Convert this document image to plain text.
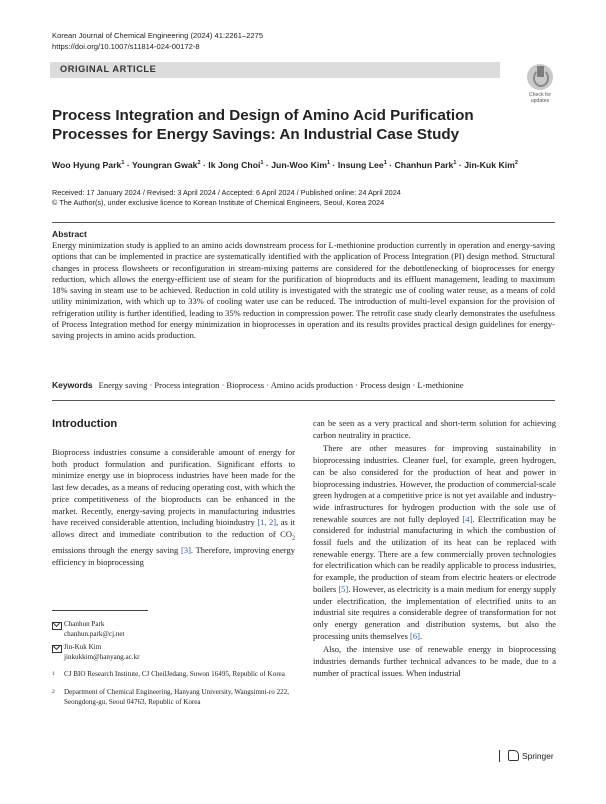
Korean Journal of Chemical Engineering (2024) 41:2261–2275
https://doi.org/10.1007/s11814-024-00172-8
ORIGINAL ARTICLE
Check for updates
Process Integration and Design of Amino Acid Purification Processes for Energy Savings: An Industrial Case Study
Woo Hyung Park$^1$ · Youngran Gwak$^2$ · Ik Jong Choi$^1$ · Jun-Woo Kim$^1$ · Insung Lee$^1$ · Chanhun Park$^1$ · Jin-Kuk Kim$^2$
Received: 17 January 2024 / Revised: 3 April 2024 / Accepted: 6 April 2024 / Published online: 24 April 2024
© The Author(s), under exclusive licence to Korean Institute of Chemical Engineers, Seoul, Korea 2024
Abstract
Energy minimization study is applied to an amino acids downstream process for L-methionine production currently in operation and energy-saving options that can be implemented in practice are systematically identified with the application of Process Integration (PI) design method. Structural changes in process flowsheets or reconfiguration in stream-mixing patterns are considered for the debottlenecking of bioprocesses for energy reduction, which allows the energy-efficient use of steam for the purification of bioproducts and its effluent management, leading to maximum 18% saving in steam use to be achieved. Reduction in cold utility is investigated with the strategic use of cooling water reuse, as a means of cold utility minimization, with which up to 33% of cooling water use can be reduced. The introduction of multi-level expansion for the provision of refrigeration utility is further identified, leading to 35% reduction in compression power. The retrofit case study clearly demonstrates the usefulness of Process Integration method for energy minimization in bioprocesses in operation and its results provides practical design guidelines for energy-saving projects in amino acids production.
Keywords Energy saving · Process integration · Bioprocess · Amino acids production · Process design · L-methionine
Introduction

Bioprocess industries consume a considerable amount of energy for both product formulation and purification. Significant efforts to minimize energy use in bioprocess industries have been made for the last few decades, as a means of reducing operating cost, with which the price competitiveness of the bioproducts can be enhanced in the market. Recently, energy-saving projects in manufacturing industries have received considerable attention, including bioindustry [1, 2], as it allows direct and immediate contribution to the reduction of $CO_2$ emissions through the energy saving [3]. Therefore, improving energy efficiency in bioprocessing

can be seen as a very practical and short-term solution for achieving carbon neutrality in practice.

There are other measures for improving sustainability in bioprocessing industries. Cleaner fuel, for example, green hydrogen, can be also considered for the production of heat and power in bioprocessing industries. However, the production of commercial-scale green hydrogen at a competitive price is not yet available and industry-wide infrastructures for hydrogen production with the sole use of renewable sources are not fully deployed [4]. Electrification may be considered for industrial manufacturing in which the combustion of fossil fuels and the utilization of its heat can be replaced with renewable energy. There are a few commercially proven technologies for electrification which can be readily applicable to process industries, for example, the production of steam from electric heaters or electrode boilers [5]. However, as electricity is a main medium for energy supply under electrification, the implementation of electrified units to an industrial site requires a considerable degree of transformation for not only energy generation and distribution systems, but also the processing units themselves [6].

Also, the intensive use of renewable energy in bioprocessing industries demands further technical advances to be made, due to a number of practical issues. When industrial

Chanhun Park
chanhun.park@cj.net
Jin-Kuk Kim
jinkukkim@hanyang.ac.kr
1	CJ BIO Research Institute, CJ CheilJedang, Suwon 16495, Republic of Korea
2	Department of Chemical Engineering, Hanyang University, Wangsimni-ro 222, Seongdong-gu, Seoul 04763, Republic of Korea
Springer
